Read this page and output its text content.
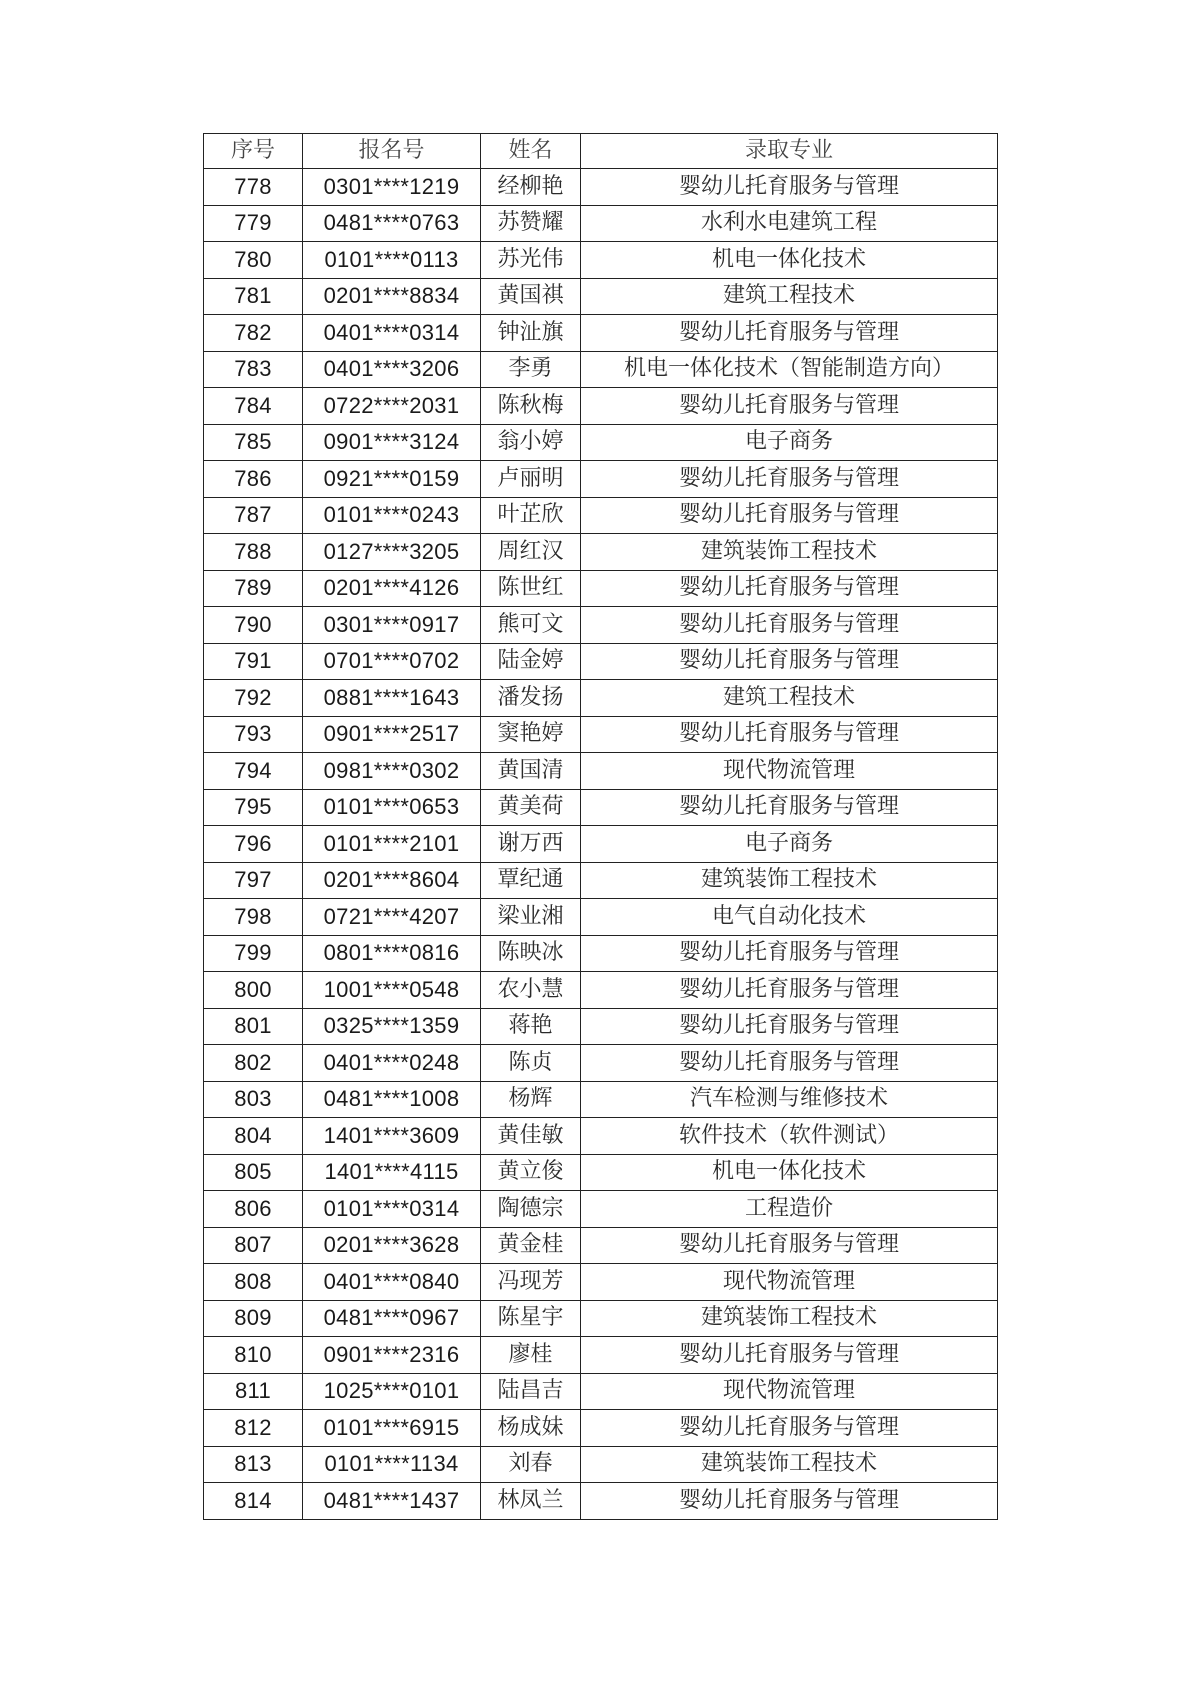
序号	报名号	姓名	录取专业
778	0301****1219	经柳艳	婴幼儿托育服务与管理
779	0481****0763	苏赞耀	水利水电建筑工程
780	0101****0113	苏光伟	机电一体化技术
781	0201****8834	黄国祺	建筑工程技术
782	0401****0314	钟沚旗	婴幼儿托育服务与管理
783	0401****3206	李勇	机电一体化技术（智能制造方向）
784	0722****2031	陈秋梅	婴幼儿托育服务与管理
785	0901****3124	翁小婷	电子商务
786	0921****0159	卢丽明	婴幼儿托育服务与管理
787	0101****0243	叶芷欣	婴幼儿托育服务与管理
788	0127****3205	周红汉	建筑装饰工程技术
789	0201****4126	陈世红	婴幼儿托育服务与管理
790	0301****0917	熊可文	婴幼儿托育服务与管理
791	0701****0702	陆金婷	婴幼儿托育服务与管理
792	0881****1643	潘发扬	建筑工程技术
793	0901****2517	窦艳婷	婴幼儿托育服务与管理
794	0981****0302	黄国清	现代物流管理
795	0101****0653	黄美荷	婴幼儿托育服务与管理
796	0101****2101	谢万西	电子商务
797	0201****8604	覃纪通	建筑装饰工程技术
798	0721****4207	梁业湘	电气自动化技术
799	0801****0816	陈映冰	婴幼儿托育服务与管理
800	1001****0548	农小慧	婴幼儿托育服务与管理
801	0325****1359	蒋艳	婴幼儿托育服务与管理
802	0401****0248	陈贞	婴幼儿托育服务与管理
803	0481****1008	杨辉	汽车检测与维修技术
804	1401****3609	黄佳敏	软件技术（软件测试）
805	1401****4115	黄立俊	机电一体化技术
806	0101****0314	陶德宗	工程造价
807	0201****3628	黄金桂	婴幼儿托育服务与管理
808	0401****0840	冯现芳	现代物流管理
809	0481****0967	陈星宇	建筑装饰工程技术
810	0901****2316	廖桂	婴幼儿托育服务与管理
811	1025****0101	陆昌吉	现代物流管理
812	0101****6915	杨成妹	婴幼儿托育服务与管理
813	0101****1134	刘春	建筑装饰工程技术
814	0481****1437	林凤兰	婴幼儿托育服务与管理
